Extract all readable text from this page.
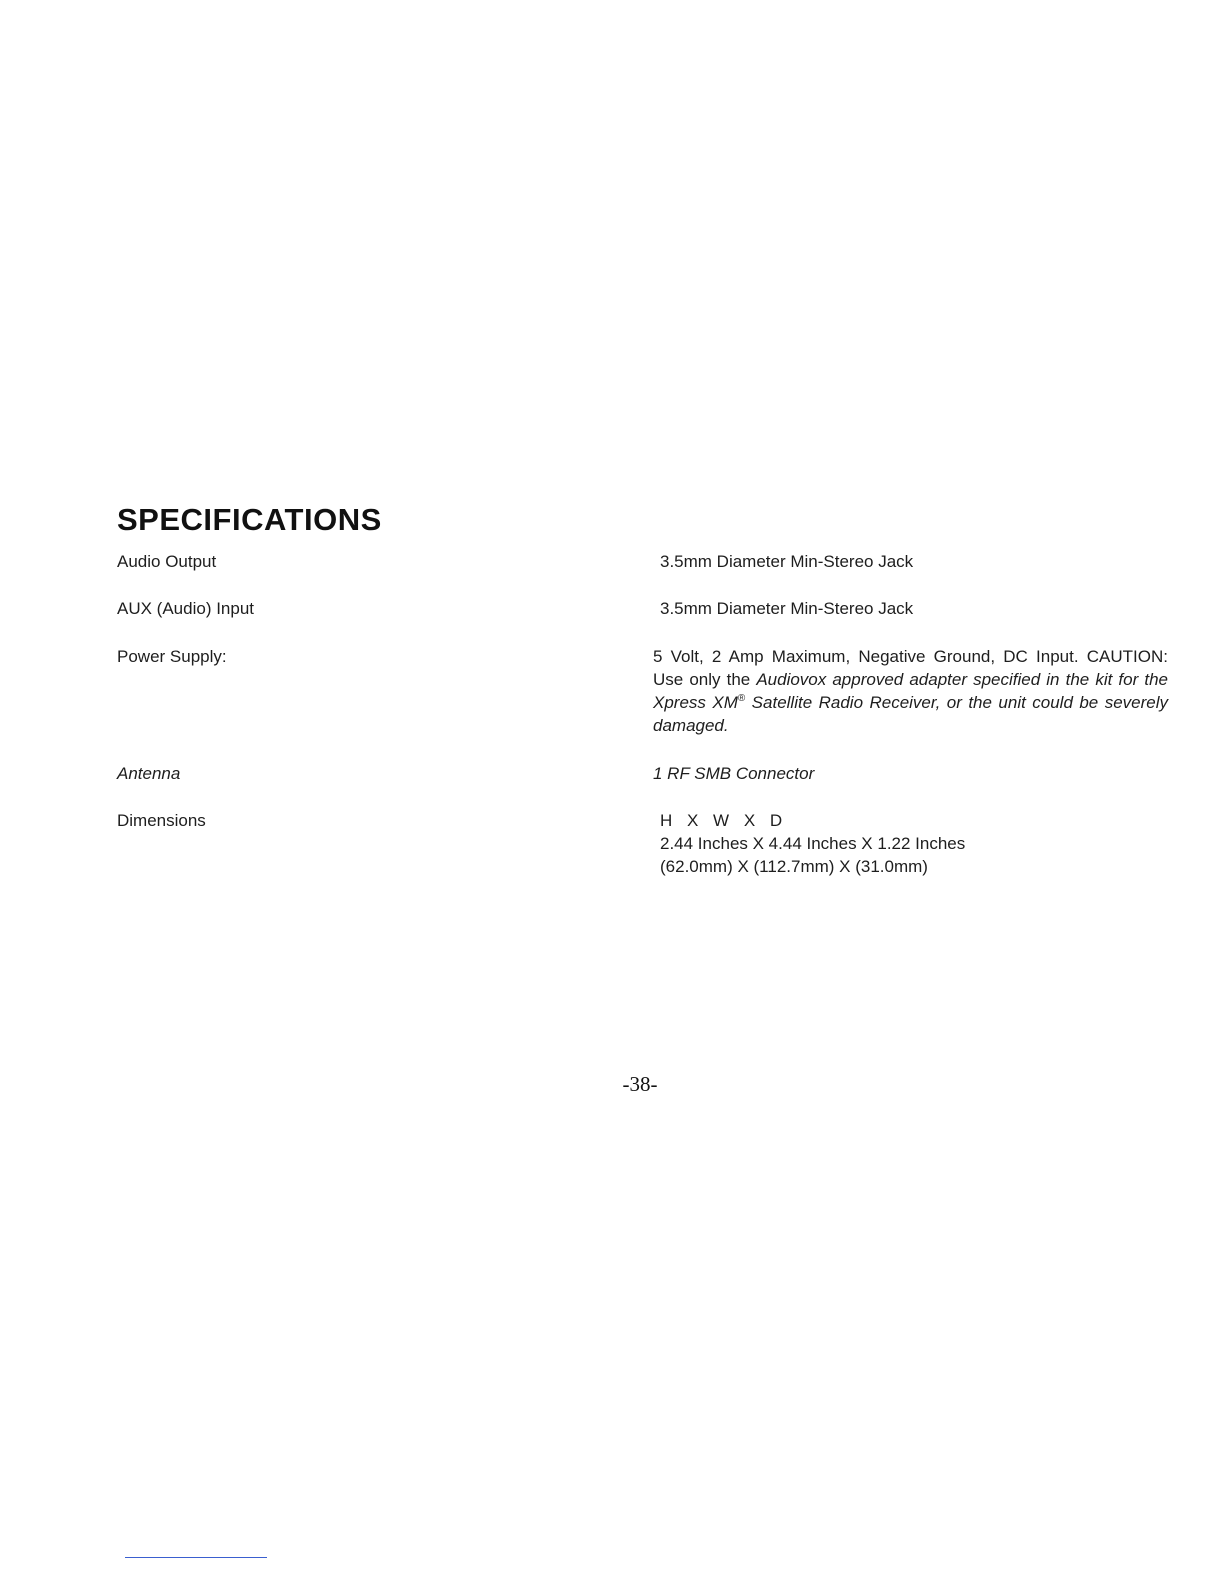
SPECIFICATIONS
Audio Output	3.5mm Diameter Min-Stereo Jack
AUX (Audio) Input	3.5mm Diameter Min-Stereo Jack
Power Supply:	5 Volt, 2 Amp Maximum, Negative Ground, DC Input. CAUTION: Use only the Audiovox approved adapter specified in the kit for the Xpress XM® Satellite Radio Receiver, or the unit could be severely damaged.
Antenna	1 RF SMB Connector
Dimensions	H X W X D
2.44 Inches X 4.44 Inches X 1.22 Inches
(62.0mm) X (112.7mm) X (31.0mm)
-38-
